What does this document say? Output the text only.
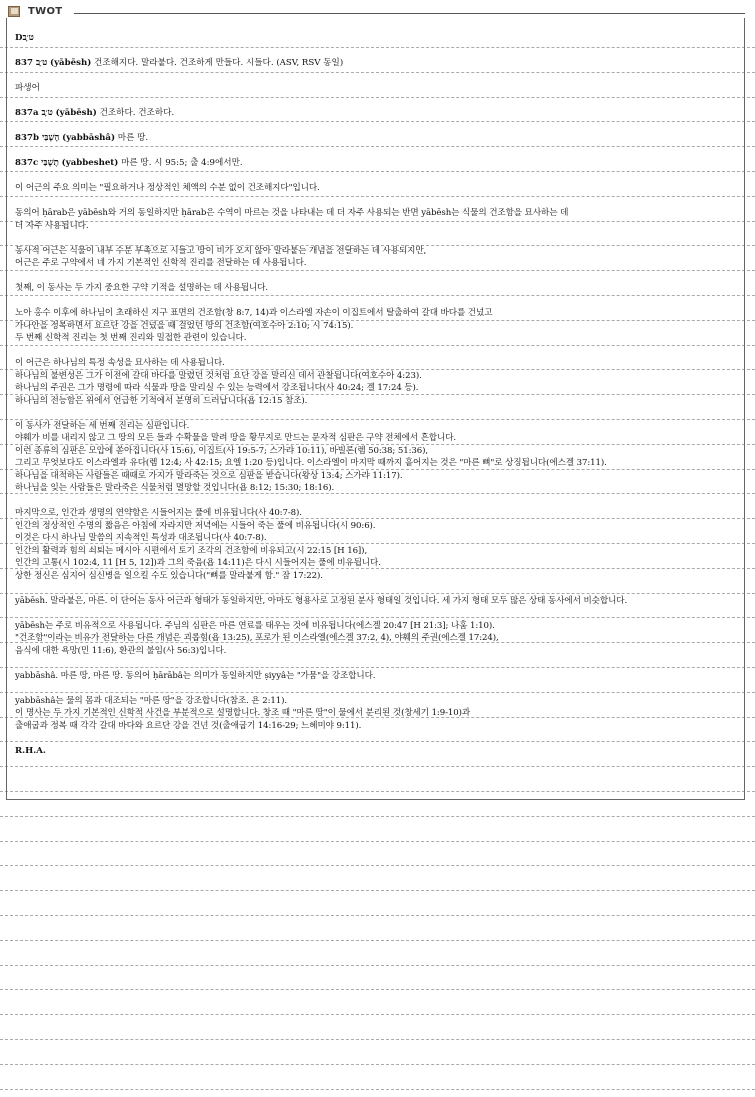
TWOT
Dט׳ָב
837 ט׳ָב (yābēsh) 건조해지다. 말라붙다. 건조하게 만들다. 시들다. (ASV, RSV 동일)
파생어
837a ט׳ָב (yābēsh) 건조하다. 건조하다.
837b הָשָׁבַּי (yabbāshâ) 마른 땅.
837c תֶשֶׁבַּי (yabbeshet) 마른 땅. 시 95:5; 출 4:9에서만.
이 어근의 주요 의미는 "필요하거나 정상적인 체액의 수분 없이 건조해지다"입니다.
동의어 ḥārab은 yābēsh와 거의 동일하지만 ḥārab은 수역이 마르는 것을 나타내는 데 더 자주 사용되는 반면 yābēsh는 식물의 건조함을 묘사하는 데
더 자주 사용됩니다.
동사적 어근은 식물이 내부 수분 부족으로 시들고 땅이 비가 오지 않아 말라붙는 개념을 전달하는 데 사용되지만,
어근은 주로 구약에서 네 가지 기본적인 신학적 진리를 전달하는 데 사용됩니다.
첫째, 이 동사는 두 가지 중요한 구약 기적을 설명하는 데 사용됩니다.
노아 홍수 이후에 하나님이 초래하신 지구 표면의 건조함(창 8:7, 14)과 이스라엘 자손이 이집트에서 탈출하여 갈대 바다를 건넜고
가나안을 정복하면서 요르단 강을 건넜을 때 걸었던 땅의 건조함(여호수아 2:10; 시 74:15).
두 번째 신학적 진리는 첫 번째 진리와 밀접한 관련이 있습니다.
이 어근은 하나님의 특정 속성을 묘사하는 데 사용됩니다.
하나님의 불변성은 그가 이전에 갈대 바다를 말렸던 것처럼 요단 강을 말리신 데서 관찰됩니다(여호수아 4:23).
하나님의 주권은 그가 명령에 따라 식물과 땅을 말리실 수 있는 능력에서 강조됩니다(사 40:24; 겔 17:24 등).
하나님의 전능함은 위에서 언급한 기적에서 분명히 드러납니다(욥 12:15 참조).
이 동사가 전달하는 세 번째 진리는 심판입니다.
야훼가 비를 내리지 않고 그 땅의 모든 들과 수확물을 말려 땅을 황무지로 만드는 문자적 심판은 구약 전체에서 흔합니다.
이런 종류의 심판은 모압에 쏟아집니다(사 15:6), 이집트(사 19:5-7; 스가랴 10:11), 바빌론(렘 50:38; 51:36),
그리고 무엇보다도 이스라엘과 유다(렘 12:4; 사 42:15; 요엘 1:20 등)입니다. 이스라엘이 마지막 때까지 흩어지는 것은 "마른 뼈"로 상징됩니다(에스겔 37:11).
하나님을 대적하는 사람들은 때때로 가지가 말라죽는 것으로 심판을 받습니다(왕상 13:4; 스가랴 11:17).
하나님을 잊는 사람들은 말라죽은 식물처럼 멸망할 것입니다(욥 8:12; 15:30; 18:16).
마지막으로, 인간과 생명의 연약함은 시들어지는 풀에 비유됩니다(사 40:7-8).
인간의 정상적인 수명의 짧음은 아침에 자라지만 저녁에는 시들어 죽는 풀에 비유됩니다(시 90:6).
이것은 다시 하나님 말씀의 지속적인 특성과 대조됩니다(사 40:7-8).
인간의 활력과 힘의 쇠퇴는 메시아 시편에서 토기 조각의 건조함에 비유되고(시 22:15 [H 16]),
인간의 고통(시 102:4, 11 [H 5, 12])과 그의 죽음(욥 14:11)은 다시 시들어지는 풀에 비유됩니다.
상한 정신은 심지어 심신병을 일으킬 수도 있습니다("뼈를 말라붙게 함." 잠 17:22).
yābēsh. 말라붙은, 마른. 이 단어는 동사 어근과 형태가 동일하지만, 아마도 형용사로 고정된 분사 형태일 것입니다. 세 가지 형태 모두 많은 상태 동사에서 비슷합니다.
yābēsh는 주로 비유적으로 사용됩니다. 주님의 심판은 마른 연료를 태우는 것에 비유됩니다(에스겔 20:47 [H 21:3]; 나훔 1:10).
"건조함"이라는 비유가 전달하는 다른 개념은 괴롭힘(욥 13:25), 포로가 된 이스라엘(에스겔 37:2, 4), 야훼의 주권(에스겔 17:24),
음식에 대한 욕망(민 11:6), 환관의 불임(사 56:3)입니다.
yabbāshâ. 마른 땅, 마른 땅. 동의어 ḥārābâ는 의미가 동일하지만 ṣiyyâ는 "가뭄"을 강조합니다.
yabbāshâ는 물의 몸과 대조되는 "마른 땅"을 강조합니다(참조. 욘 2:11).
이 명사는 두 가지 기본적인 신학적 사건을 부분적으로 설명합니다. 창조 때 "마른 땅"이 물에서 분리된 것(창세기 1:9-10)과
출애굽과 정복 때 각각 갈대 바다와 요르단 강을 건넌 것(출애굽기 14:16-29; 느헤미야 9:11).
R.H.A.
